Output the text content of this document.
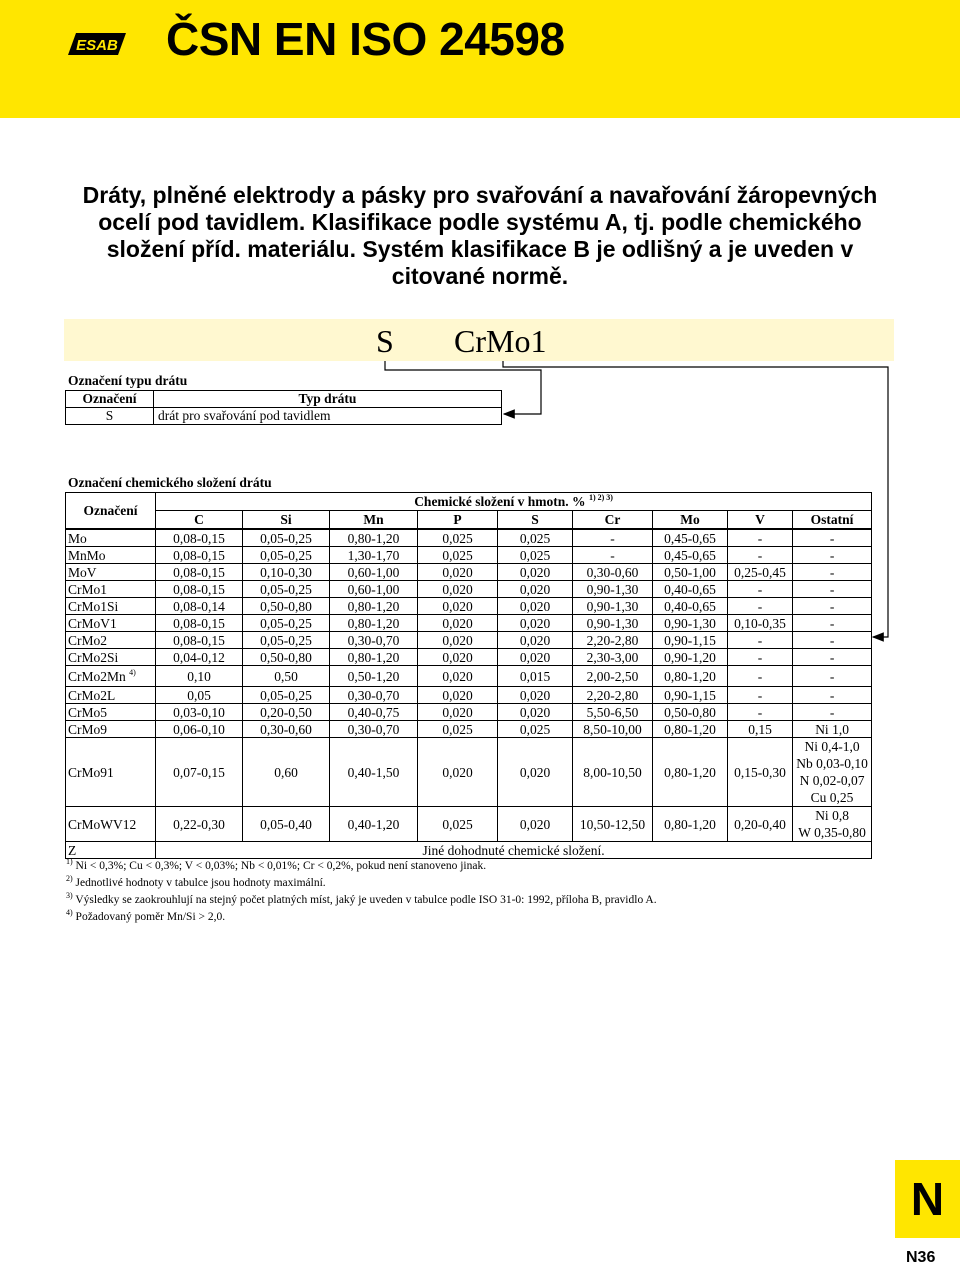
ESAB ČSN EN ISO 24598
Dráty, plněné elektrody a pásky pro svařování a navařování žáropevných ocelí pod tavidlem. Klasifikace podle systému A, tj. podle chemického složení příd. materiálu. Systém klasifikace B je odlišný a je uveden v citované normě.
S CrMo1
Označení typu drátu
Označení	Typ drátu
S	drát pro svařování pod tavidlem
Označení chemického složení drátu
Označení	Chemické složení v hmotn. % $^{1) 2) 3)}$
	C	Si	Mn	P	S	Cr	Mo	V	Ostatní
Mo	0,08-0,15	0,05-0,25	0,80-1,20	0,025	0,025	-	0,45-0,65	-	-
MnMo	0,08-0,15	0,05-0,25	1,30-1,70	0,025	0,025	-	0,45-0,65	-	-
MoV	0,08-0,15	0,10-0,30	0,60-1,00	0,020	0,020	0,30-0,60	0,50-1,00	0,25-0,45	-
CrMo1	0,08-0,15	0,05-0,25	0,60-1,00	0,020	0,020	0,90-1,30	0,40-0,65	-	-
CrMo1Si	0,08-0,14	0,50-0,80	0,80-1,20	0,020	0,020	0,90-1,30	0,40-0,65	-	-
CrMoV1	0,08-0,15	0,05-0,25	0,80-1,20	0,020	0,020	0,90-1,30	0,90-1,30	0,10-0,35	-
CrMo2	0,08-0,15	0,05-0,25	0,30-0,70	0,020	0,020	2,20-2,80	0,90-1,15	-	-
CrMo2Si	0,04-0,12	0,50-0,80	0,80-1,20	0,020	0,020	2,30-3,00	0,90-1,20	-	-
CrMo2Mn $^{4)}$	0,10	0,50	0,50-1,20	0,020	0,015	2,00-2,50	0,80-1,20	-	-
CrMo2L	0,05	0,05-0,25	0,30-0,70	0,020	0,020	2,20-2,80	0,90-1,15	-	-
CrMo5	0,03-0,10	0,20-0,50	0,40-0,75	0,020	0,020	5,50-6,50	0,50-0,80	-	-
CrMo9	0,06-0,10	0,30-0,60	0,30-0,70	0,025	0,025	8,50-10,00	0,80-1,20	0,15	Ni 1,0
CrMo91	0,07-0,15	0,60	0,40-1,50	0,020	0,020	8,00-10,50	0,80-1,20	0,15-0,30	Ni 0,4-1,0
Nb 0,03-0,10
N 0,02-0,07
Cu 0,25

CrMoWV12	0,22-0,30	0,05-0,40	0,40-1,20	0,025	0,020	10,50-12,50	0,80-1,20	0,20-0,40	Ni 0,8
W 0,35-0,80

Z	Jiné dohodnuté chemické složení.								
$^{1)}$ Ni < 0,3%; Cu < 0,3%; V < 0,03%; Nb < 0,01%; Cr < 0,2%, pokud není stanoveno jinak.
$^{2)}$ Jednotlivé hodnoty v tabulce jsou hodnoty maximální.
$^{3)}$ Výsledky se zaokrouhlují na stejný počet platných míst, jaký je uveden v tabulce podle ISO 31-0: 1992, příloha B, pravidlo A.
$^{4)}$ Požadovaný poměr Mn/Si > 2,0.
N
N36
